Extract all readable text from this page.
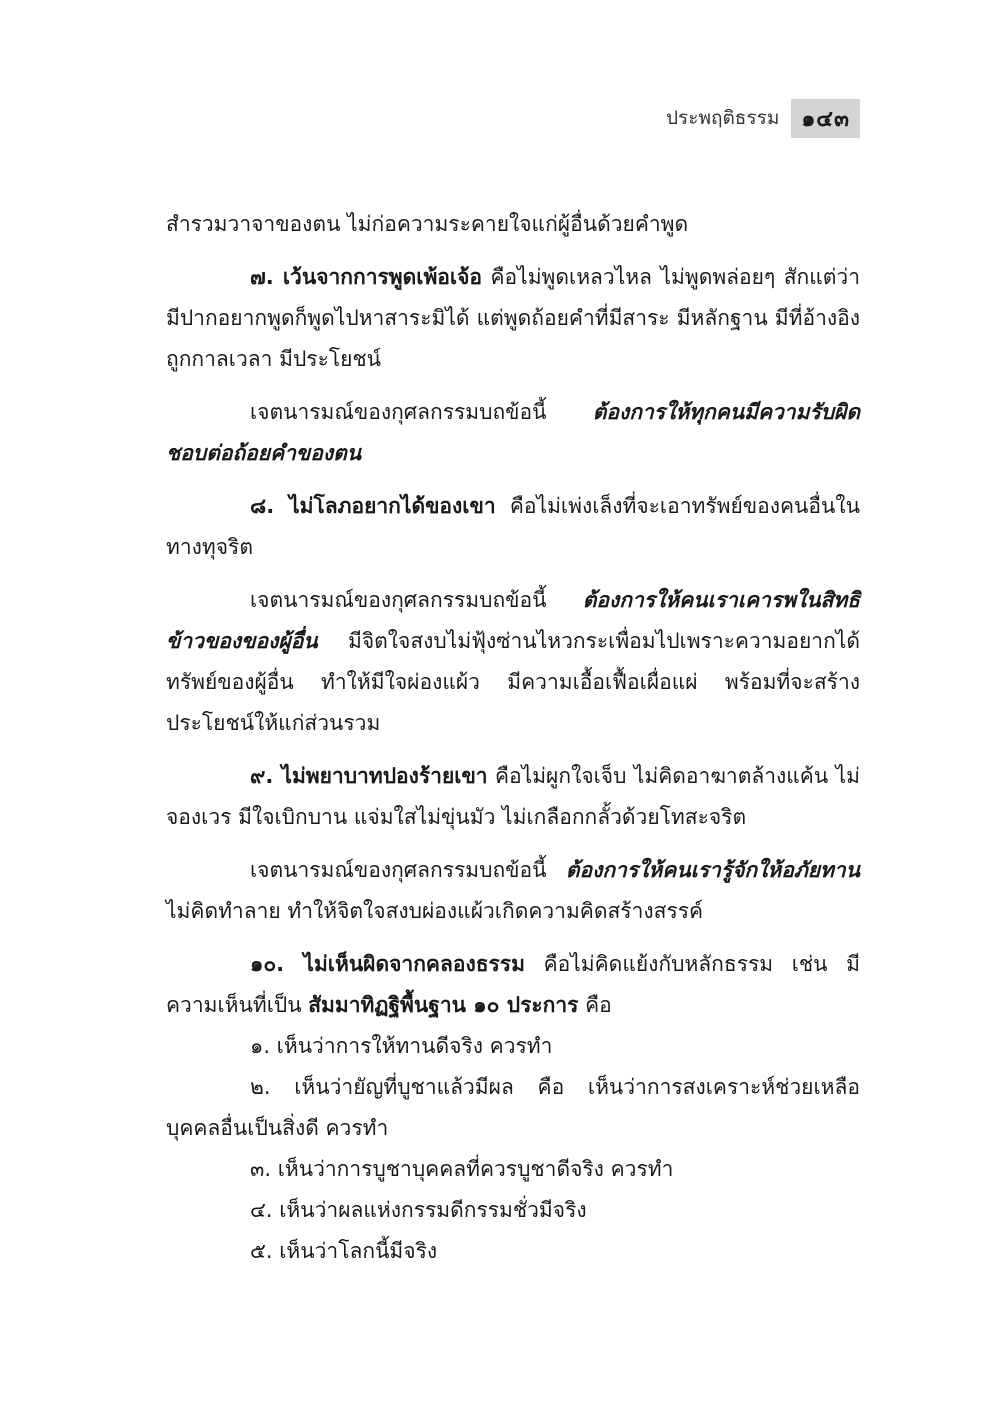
ประพฤติธรรม	๑๔๓

สำรวมวาจาของตน ไม่ก่อความระคายใจแก่ผู้อื่นด้วยคำพูด

๗. เว้นจากการพูดเพ้อเจ้อ คือไม่พูดเหลวไหล ไม่พูดพล่อยๆ สักแต่ว่ามีปากอยากพูดก็พูดไปหาสาระมิได้ แต่พูดถ้อยคำที่มีสาระ มีหลักฐาน มีที่อ้างอิง ถูกกาลเวลา มีประโยชน์

เจตนารมณ์ของกุศลกรรมบถข้อนี้ ต้องการให้ทุกคนมีความรับผิดชอบต่อถ้อยคำของตน

๘. ไม่โลภอยากได้ของเขา คือไม่เพ่งเล็งที่จะเอาทรัพย์ของคนอื่นในทางทุจริต

เจตนารมณ์ของกุศลกรรมบถข้อนี้ ต้องการให้คนเราเคารพในสิทธิข้าวของของผู้อื่น มีจิตใจสงบไม่ฟุ้งซ่านไหวกระเพื่อมไปเพราะความอยากได้ทรัพย์ของผู้อื่น ทำให้มีใจผ่องแผ้ว มีความเอื้อเฟื้อเผื่อแผ่ พร้อมที่จะสร้างประโยชน์ให้แก่ส่วนรวม

๙. ไม่พยาบาทปองร้ายเขา คือไม่ผูกใจเจ็บ ไม่คิดอาฆาตล้างแค้น ไม่จองเวร มีใจเบิกบาน แจ่มใสไม่ขุ่นมัว ไม่เกลือกกลั้วด้วยโทสะจริต

เจตนารมณ์ของกุศลกรรมบถข้อนี้ ต้องการให้คนเรารู้จักให้อภัยทาน ไม่คิดทำลาย ทำให้จิตใจสงบผ่องแผ้วเกิดความคิดสร้างสรรค์

๑๐. ไม่เห็นผิดจากคลองธรรม คือไม่คิดแย้งกับหลักธรรม เช่น มีความเห็นที่เป็น สัมมาทิฏฐิพื้นฐาน ๑๐ ประการ คือ

๑. เห็นว่าการให้ทานดีจริง ควรทำ

๒. เห็นว่ายัญที่บูชาแล้วมีผล คือ เห็นว่าการสงเคราะห์ช่วยเหลือบุคคลอื่นเป็นสิ่งดี ควรทำ

๓. เห็นว่าการบูชาบุคคลที่ควรบูชาดีจริง ควรทำ

๔. เห็นว่าผลแห่งกรรมดีกรรมชั่วมีจริง

๕. เห็นว่าโลกนี้มีจริง
